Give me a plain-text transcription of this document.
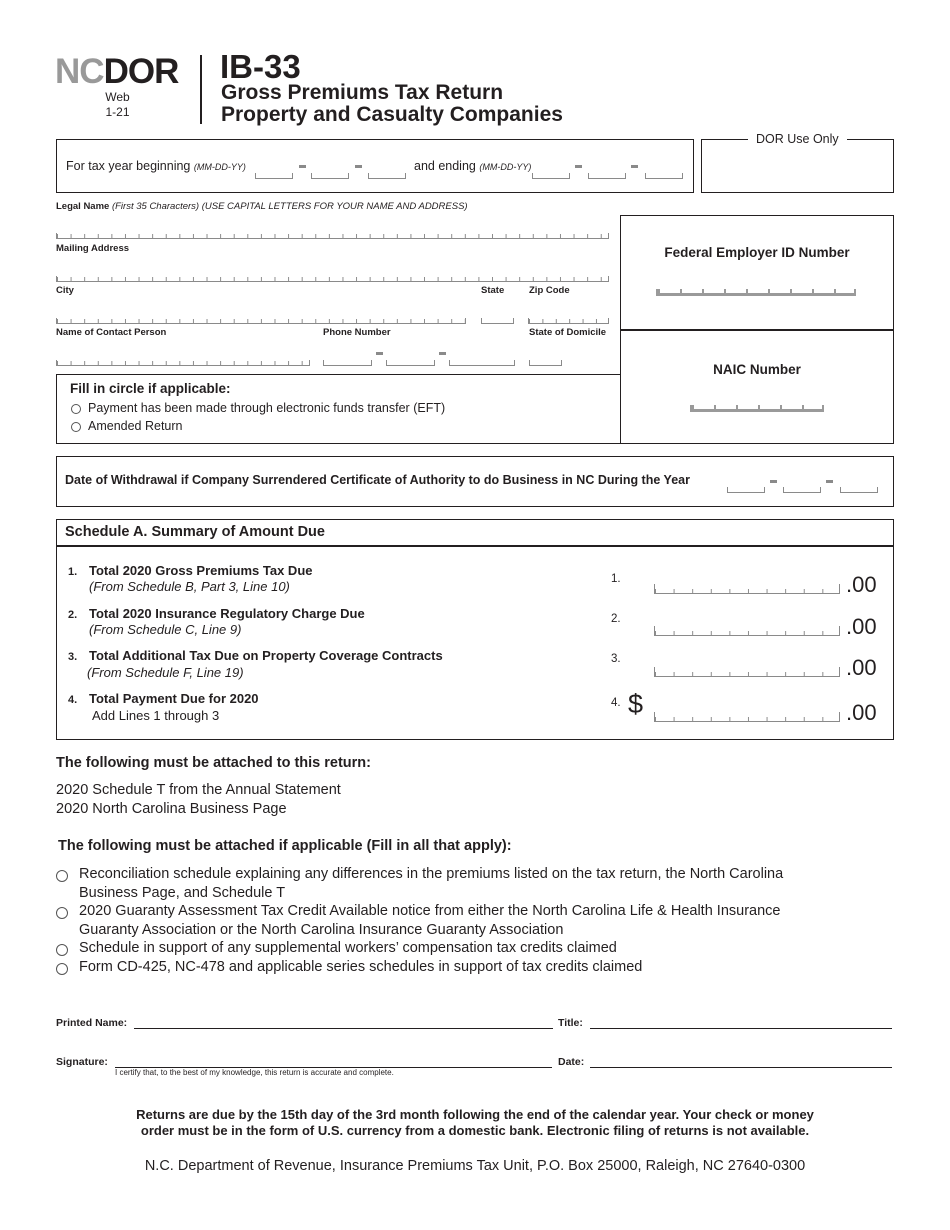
NCDOR
Web
1-21
IB-33
Gross Premiums Tax Return
Property and Casualty Companies
For tax year beginning (MM-DD-YY)	and ending (MM-DD-YY)
DOR Use Only
Legal Name (First 35 Characters) (USE CAPITAL LETTERS FOR YOUR NAME AND ADDRESS)
Mailing Address
City	State	Zip Code
Name of Contact Person	Phone Number	State of Domicile
Fill in circle if applicable:
Payment has been made through electronic funds transfer (EFT)
Amended Return
Federal Employer ID Number
NAIC Number
Date of Withdrawal if Company Surrendered Certificate of Authority to do Business in NC During the Year
Schedule A. Summary of Amount Due
1. Total 2020 Gross Premiums Tax Due
(From Schedule B, Part 3, Line 10)	1.	.00
2. Total 2020 Insurance Regulatory Charge Due
(From Schedule C, Line 9)
2.	.00
3. Total Additional Tax Due on Property Coverage Contracts
(From Schedule F, Line 19)
3.	.00
4. Total Payment Due for 2020
Add Lines 1 through 3
4. $	.00
The following must be attached to this return:
2020 Schedule T from the Annual Statement
2020 North Carolina Business Page
The following must be attached if applicable (Fill in all that apply):
Reconciliation schedule explaining any differences in the premiums listed on the tax return, the North Carolina
Business Page, and Schedule T
2020 Guaranty Assessment Tax Credit Available notice from either the North Carolina Life & Health Insurance
Guaranty Association or the North Carolina Insurance Guaranty Association
Schedule in support of any supplemental workers’ compensation tax credits claimed
Form CD-425, NC-478 and applicable series schedules in support of tax credits claimed
Printed Name:	Title:
Signature:
I certify that, to the best of my knowledge, this return is accurate and complete.
Date:
Returns are due by the 15th day of the 3rd month following the end of the calendar year. Your check or money
order must be in the form of U.S. currency from a domestic bank. Electronic filing of returns is not available.
N.C. Department of Revenue, Insurance Premiums Tax Unit, P.O. Box 25000, Raleigh, NC 27640-0300
